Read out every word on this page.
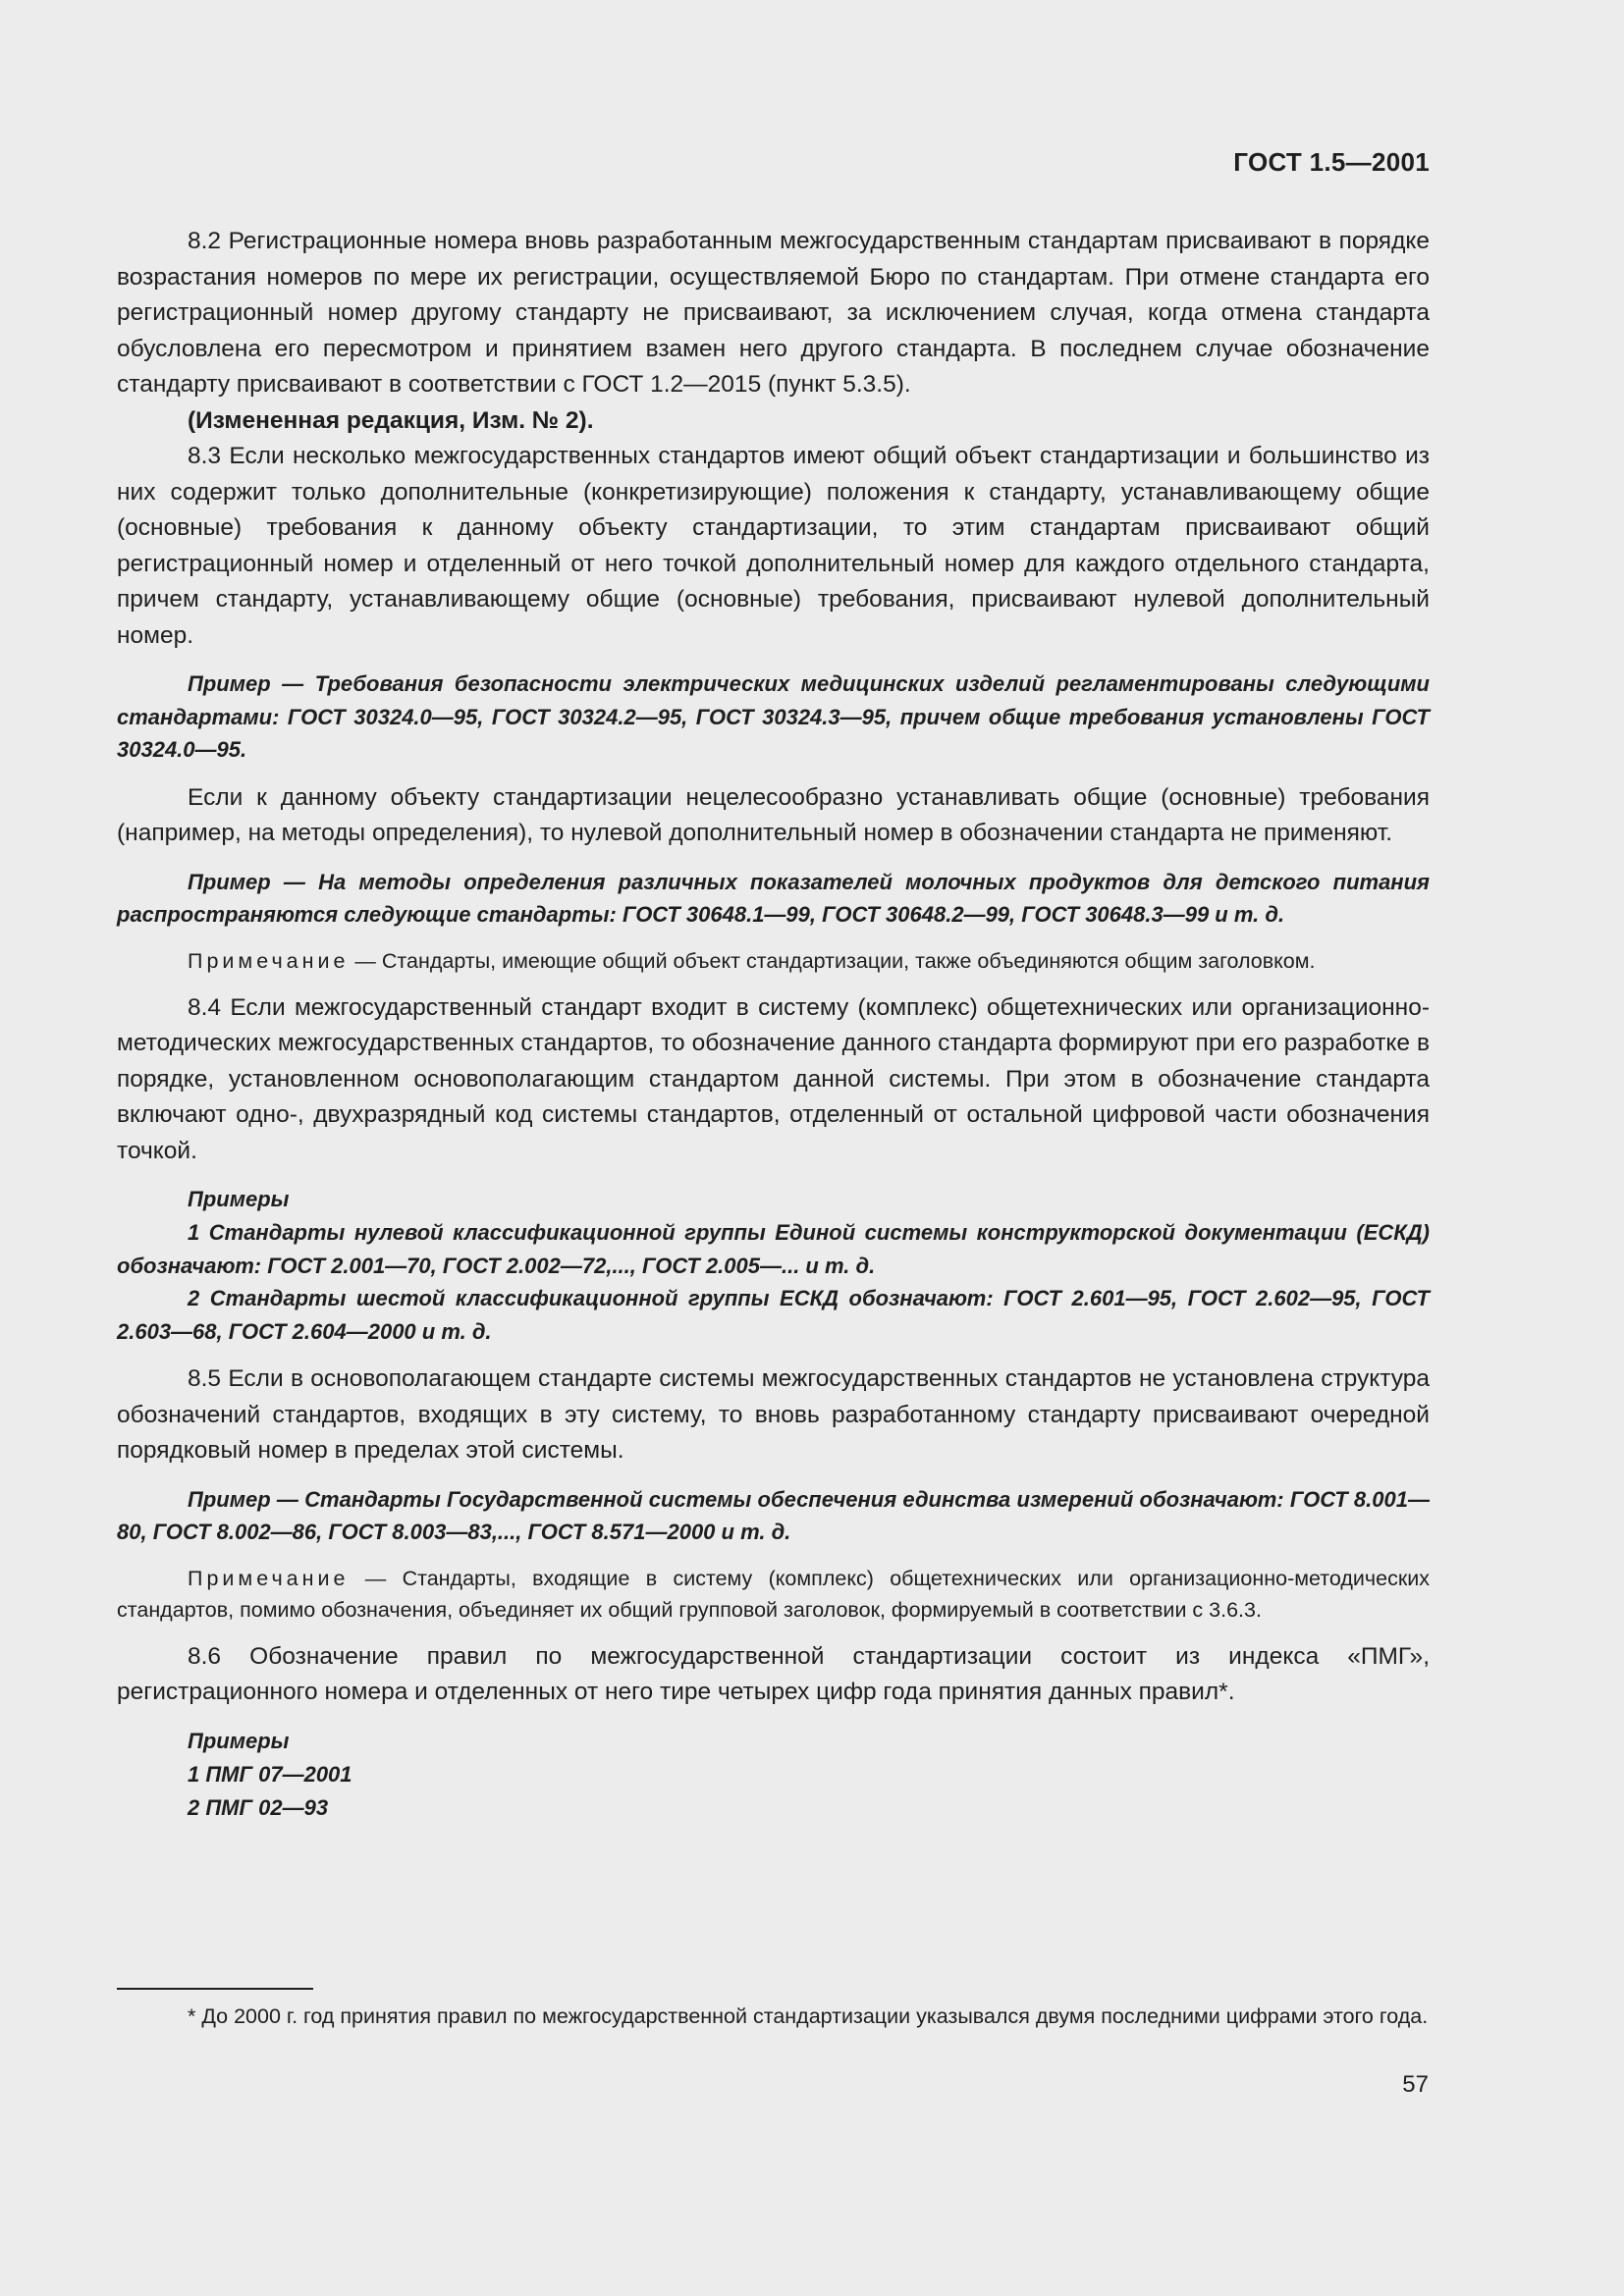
ГОСТ 1.5—2001

8.2 Регистрационные номера вновь разработанным межгосударственным стандартам присваивают в порядке возрастания номеров по мере их регистрации, осуществляемой Бюро по стандартам. При отмене стандарта его регистрационный номер другому стандарту не присваивают, за исключением случая, когда отмена стандарта обусловлена его пересмотром и принятием взамен него другого стандарта. В последнем случае обозначение стандарту присваивают в соответствии с ГОСТ 1.2—2015 (пункт 5.3.5).

(Измененная редакция, Изм. № 2).

8.3 Если несколько межгосударственных стандартов имеют общий объект стандартизации и большинство из них содержит только дополнительные (конкретизирующие) положения к стандарту, устанавливающему общие (основные) требования к данному объекту стандартизации, то этим стандартам присваивают общий регистрационный номер и отделенный от него точкой дополнительный номер для каждого отдельного стандарта, причем стандарту, устанавливающему общие (основные) требования, присваивают нулевой дополнительный номер.

Пример — Требования безопасности электрических медицинских изделий регламентированы следующими стандартами: ГОСТ 30324.0—95, ГОСТ 30324.2—95, ГОСТ 30324.3—95, причем общие требования установлены ГОСТ 30324.0—95.

Если к данному объекту стандартизации нецелесообразно устанавливать общие (основные) требования (например, на методы определения), то нулевой дополнительный номер в обозначении стандарта не применяют.

Пример — На методы определения различных показателей молочных продуктов для детского питания распространяются следующие стандарты: ГОСТ 30648.1—99, ГОСТ 30648.2—99, ГОСТ 30648.3—99 и т. д.

Примечание — Стандарты, имеющие общий объект стандартизации, также объединяются общим заголовком.

8.4 Если межгосударственный стандарт входит в систему (комплекс) общетехнических или организационно-методических межгосударственных стандартов, то обозначение данного стандарта формируют при его разработке в порядке, установленном основополагающим стандартом данной системы. При этом в обозначение стандарта включают одно-, двухразрядный код системы стандартов, отделенный от остальной цифровой части обозначения точкой.

Примеры

1 Стандарты нулевой классификационной группы Единой системы конструкторской документации (ЕСКД) обозначают: ГОСТ 2.001—70, ГОСТ 2.002—72,..., ГОСТ 2.005—... и т. д.

2 Стандарты шестой классификационной группы ЕСКД обозначают: ГОСТ 2.601—95, ГОСТ 2.602—95, ГОСТ 2.603—68, ГОСТ 2.604—2000 и т. д.

8.5 Если в основополагающем стандарте системы межгосударственных стандартов не установлена структура обозначений стандартов, входящих в эту систему, то вновь разработанному стандарту присваивают очередной порядковый номер в пределах этой системы.

Пример — Стандарты Государственной системы обеспечения единства измерений обозначают: ГОСТ 8.001—80, ГОСТ 8.002—86, ГОСТ 8.003—83,..., ГОСТ 8.571—2000 и т. д.

Примечание — Стандарты, входящие в систему (комплекс) общетехнических или организационно-методических стандартов, помимо обозначения, объединяет их общий групповой заголовок, формируемый в соответствии с 3.6.3.

8.6 Обозначение правил по межгосударственной стандартизации состоит из индекса «ПМГ», регистрационного номера и отделенных от него тире четырех цифр года принятия данных правил*.

Примеры
1 ПМГ 07—2001
2 ПМГ 02—93

* До 2000 г. год принятия правил по межгосударственной стандартизации указывался двумя последними цифрами этого года.

57
